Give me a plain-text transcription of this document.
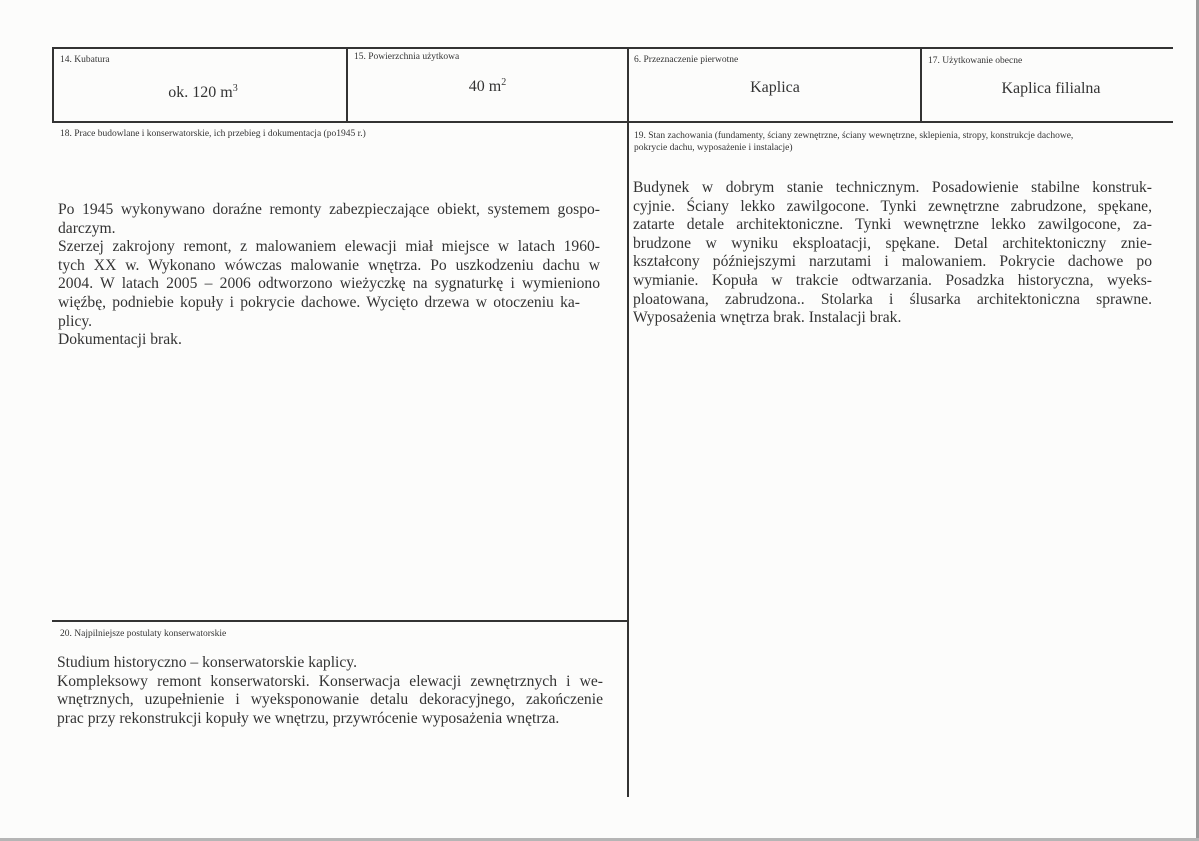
14. Kubatura
ok. 120 $m^3$
15. Powierzchnia użytkowa
40 $m^2$
6. Przeznaczenie pierwotne
Kaplica
17. Użytkowanie obecne
Kaplica filialna
18. Prace budowlane i konserwatorskie, ich przebieg i dokumentacja (po1945 r.)
Po 1945 wykonywano doraźne remonty zabezpieczające obiekt, systemem gospo-
darczym.
Szerzej zakrojony remont, z malowaniem elewacji miał miejsce w latach 1960-
tych XX w. Wykonano wówczas malowanie wnętrza. Po uszkodzeniu dachu w
2004. W latach 2005 – 2006 odtworzono wieżyczkę na sygnaturkę i wymieniono
więźbę, podniebie kopuły i pokrycie dachowe. Wycięto drzewa w otoczeniu ka-
plicy.
Dokumentacji brak.
19. Stan zachowania (fundamenty, ściany zewnętrzne, ściany wewnętrzne, sklepienia, stropy, konstrukcje dachowe,
pokrycie dachu, wyposażenie i instalacje)
Budynek w dobrym stanie technicznym. Posadowienie stabilne konstruk-
cyjnie. Ściany lekko zawilgocone. Tynki zewnętrzne zabrudzone, spękane,
zatarte detale architektoniczne. Tynki wewnętrzne lekko zawilgocone, za-
brudzone w wyniku eksploatacji, spękane. Detal architektoniczny znie-
kształcony późniejszymi narzutami i malowaniem. Pokrycie dachowe po
wymianie. Kopuła w trakcie odtwarzania. Posadzka historyczna, wyeks-
ploatowana, zabrudzona.. Stolarka i ślusarka architektoniczna sprawne.
Wyposażenia wnętrza brak. Instalacji brak.
20. Najpilniejsze postulaty konserwatorskie
Studium historyczno – konserwatorskie kaplicy.
Kompleksowy remont konserwatorski. Konserwacja elewacji zewnętrznych i we-
wnętrznych, uzupełnienie i wyeksponowanie detalu dekoracyjnego, zakończenie
prac przy rekonstrukcji kopuły we wnętrzu, przywrócenie wyposażenia wnętrza.
